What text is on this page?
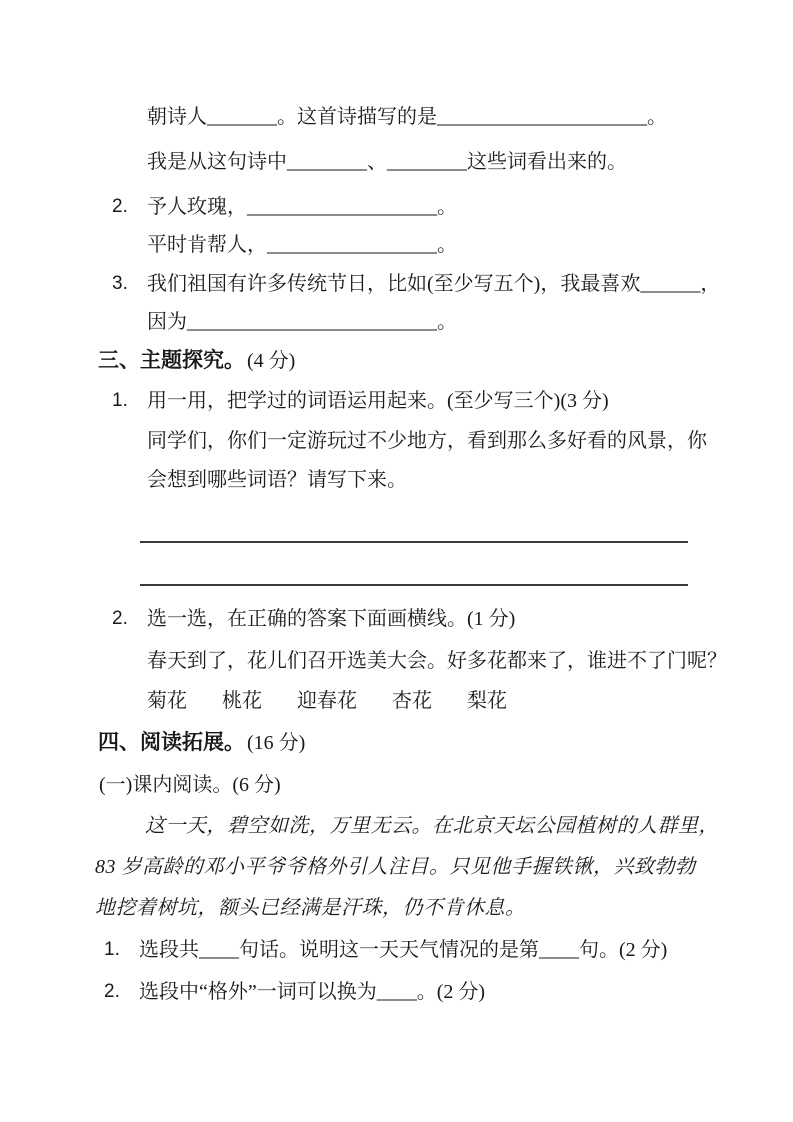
朝诗人_______。这首诗描写的是_____________________。
我是从这句诗中________、________这些词看出来的。
2. 予人玫瑰，___________________。
平时肯帮人，_________________。
3. 我们祖国有许多传统节日，比如(至少写五个)，我最喜欢______，
因为_________________________。
三、主题探究。 (4 分)
1. 用一用，把学过的词语运用起来。(至少写三个)(3 分)
同学们，你们一定游玩过不少地方，看到那么多好看的风景，你
会想到哪些词语？请写下来。
2. 选一选，在正确的答案下面画横线。(1 分)
春天到了，花儿们召开选美大会。好多花都来了，谁进不了门呢？
菊花 桃花 迎春花 杏花 梨花
四、阅读拓展。 (16 分)
(一)课内阅读。(6 分)
这一天，碧空如洗，万里无云。在北京天坛公园植树的人群里，
83 岁高龄的邓小平爷爷格外引人注目。只见他手握铁锹，兴致勃勃
地挖着树坑，额头已经满是汗珠，仍不肯休息。
1. 选段共____句话。说明这一天天气情况的是第____句。(2 分)
2. 选段中“格外”一词可以换为____。(2 分)
